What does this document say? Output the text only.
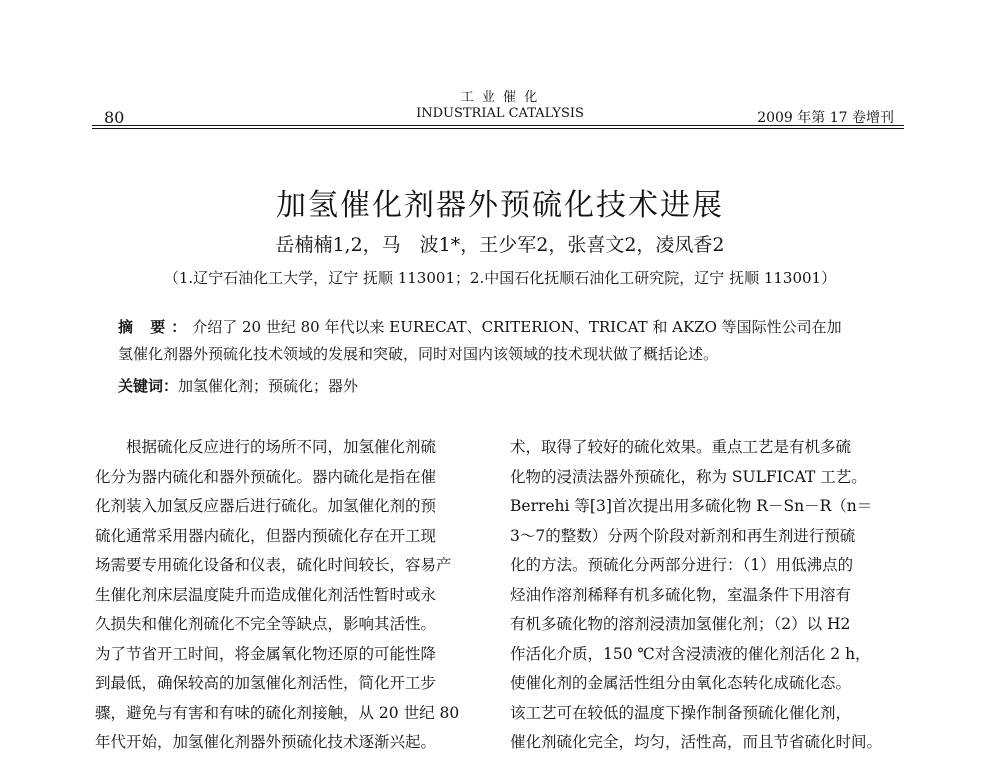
80
工 业 催 化
INDUSTRIAL CATALYSIS	2009 年第 17 卷增刊
加氢催化剂器外预硫化技术进展
岳楠楠1,2，马　波1*，王少军2，张喜文2，凌凤香2
（1.辽宁石油化工大学，辽宁 抚顺 113001；2.中国石化抚顺石油化工研究院，辽宁 抚顺 113001）
摘 要：介绍了 20 世纪 80 年代以来 EURECAT、CRITERION、TRICAT 和 AKZO 等国际性公司在加
氢催化剂器外预硫化技术领域的发展和突破，同时对国内该领域的技术现状做了概括论述。
关键词：加氢催化剂；预硫化；器外
根据硫化反应进行的场所不同，加氢催化剂硫
化分为器内硫化和器外预硫化。器内硫化是指在催
化剂装入加氢反应器后进行硫化。加氢催化剂的预
硫化通常采用器内硫化，但器内预硫化存在开工现
场需要专用硫化设备和仪表，硫化时间较长，容易产
生催化剂床层温度陡升而造成催化剂活性暂时或永
久损失和催化剂硫化不完全等缺点，影响其活性。
为了节省开工时间，将金属氧化物还原的可能性降
到最低，确保较高的加氢催化剂活性，简化开工步
骤，避免与有害和有味的硫化剂接触，从 20 世纪 80
年代开始，加氢催化剂器外预硫化技术逐渐兴起。
术，取得了较好的硫化效果。重点工艺是有机多硫
化物的浸渍法器外预硫化，称为 SULFICAT 工艺。
Berrehi 等[3]首次提出用多硫化物 R－Sn－R（n＝
3～7的整数）分两个阶段对新剂和再生剂进行预硫
化的方法。预硫化分两部分进行：（1）用低沸点的
烃油作溶剂稀释有机多硫化物，室温条件下用溶有
有机多硫化物的溶剂浸渍加氢催化剂；（2）以 H2
作活化介质，150 ℃对含浸渍液的催化剂活化 2 h，
使催化剂的金属活性组分由氧化态转化成硫化态。
该工艺可在较低的温度下操作制备预硫化催化剂，
催化剂硫化完全，均匀，活性高，而且节省硫化时间。
